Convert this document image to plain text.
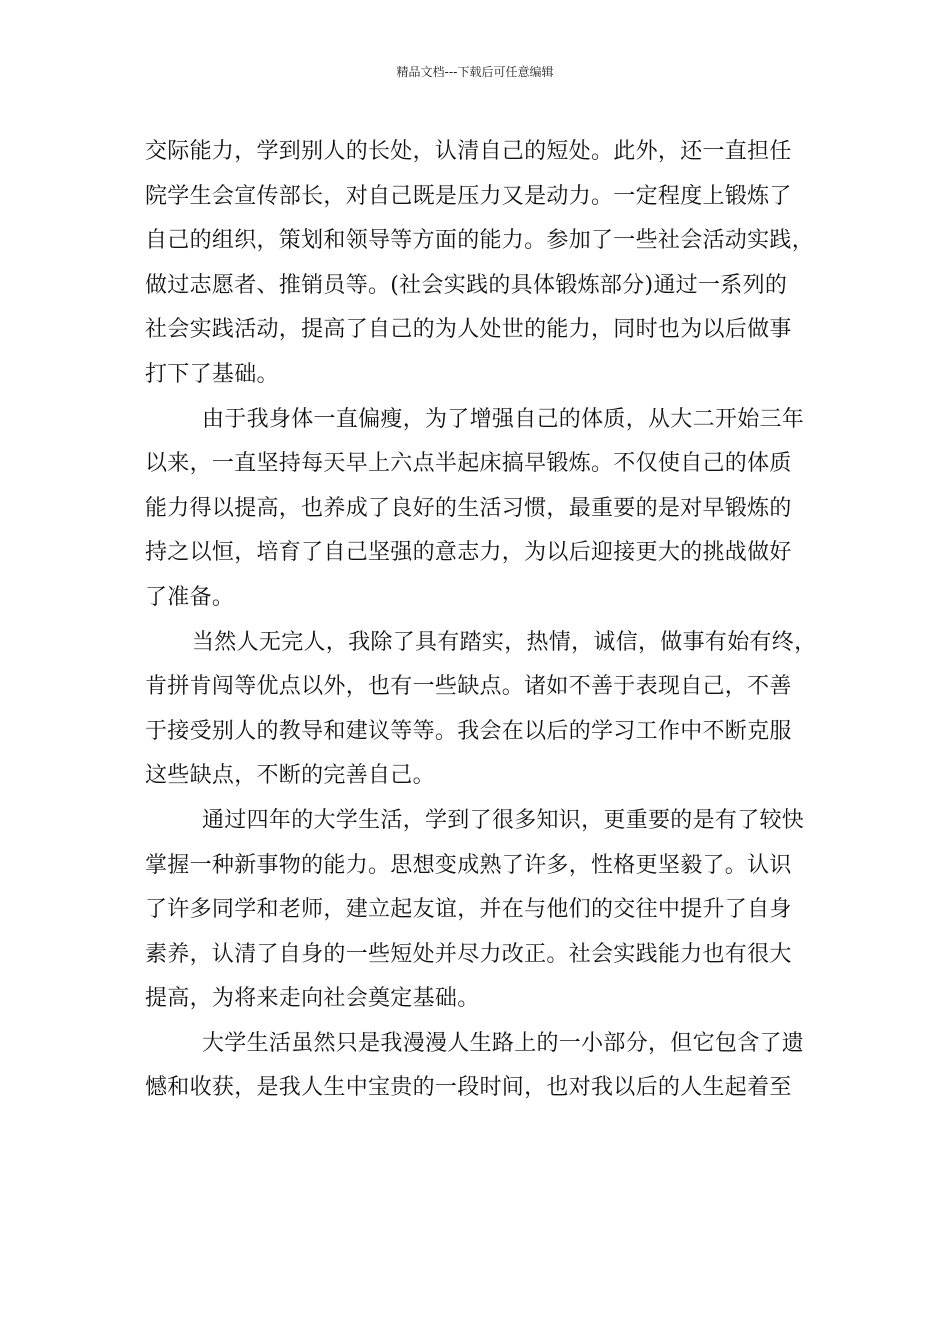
精品文档---下载后可任意编辑
交际能力，学到别人的长处，认清自己的短处。此外，还一直担任
院学生会宣传部长，对自己既是压力又是动力。一定程度上锻炼了
自己的组织，策划和领导等方面的能力。参加了一些社会活动实践，
做过志愿者、推销员等。(社会实践的具体锻炼部分)通过一系列的
社会实践活动，提高了自己的为人处世的能力，同时也为以后做事
打下了基础。
由于我身体一直偏瘦，为了增强自己的体质，从大二开始三年
以来，一直坚持每天早上六点半起床搞早锻炼。不仅使自己的体质
能力得以提高，也养成了良好的生活习惯，最重要的是对早锻炼的
持之以恒，培育了自己坚强的意志力，为以后迎接更大的挑战做好
了准备。
当然人无完人，我除了具有踏实，热情，诚信，做事有始有终，
肯拼肯闯等优点以外，也有一些缺点。诸如不善于表现自己，不善
于接受别人的教导和建议等等。我会在以后的学习工作中不断克服
这些缺点，不断的完善自己。
通过四年的大学生活，学到了很多知识，更重要的是有了较快
掌握一种新事物的能力。思想变成熟了许多，性格更坚毅了。认识
了许多同学和老师，建立起友谊，并在与他们的交往中提升了自身
素养，认清了自身的一些短处并尽力改正。社会实践能力也有很大
提高，为将来走向社会奠定基础。
大学生活虽然只是我漫漫人生路上的一小部分，但它包含了遗
憾和收获，是我人生中宝贵的一段时间，也对我以后的人生起着至
